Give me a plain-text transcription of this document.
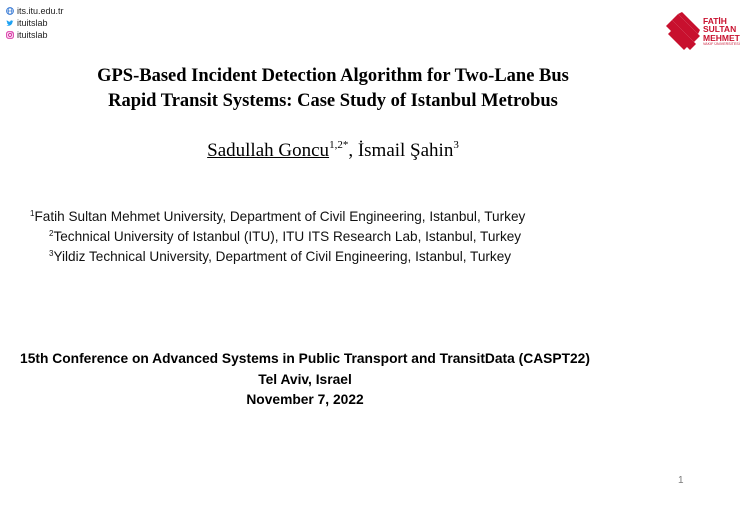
its.itu.edu.tr
ituitslab
ituitslab
FATİH
SULTAN
MEHMET
VAKIF ÜNİVERSİTESİ
GPS-Based Incident Detection Algorithm for Two-Lane Bus
Rapid Transit Systems: Case Study of Istanbul Metrobus

Sadullah Goncu$^{1,2*}$, İsmail Şahin$^3$

$^1$Fatih Sultan Mehmet University, Department of Civil Engineering, Istanbul, Turkey
$^2$Technical University of Istanbul (ITU), ITU ITS Research Lab, Istanbul, Turkey
$^3$Yildiz Technical University, Department of Civil Engineering, Istanbul, Turkey
15th Conference on Advanced Systems in Public Transport and TransitData (CASPT22)
Tel Aviv, Israel
November 7, 2022
1
